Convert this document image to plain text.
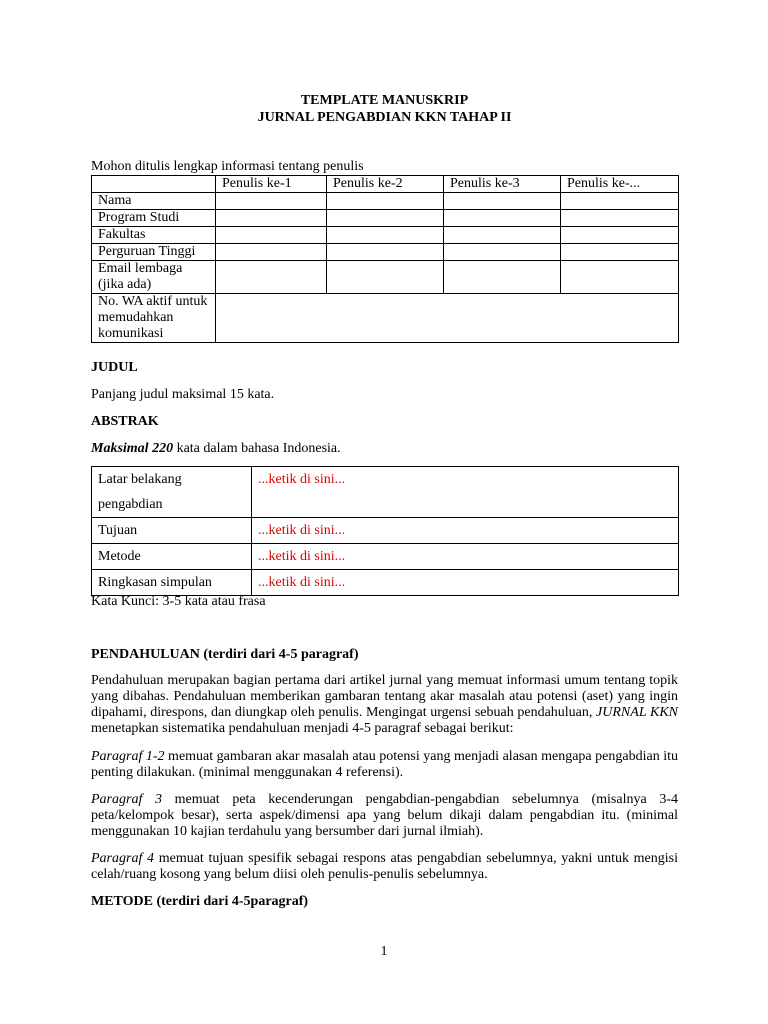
TEMPLATE MANUSKRIP
JURNAL PENGABDIAN KKN TAHAP II
Mohon ditulis lengkap informasi tentang penulis
	Penulis ke-1	Penulis ke-2	Penulis ke-3	Penulis ke-...
Nama				
Program Studi				
Fakultas				
Perguruan Tinggi				
Email lembaga
(jika ada)				
No. WA aktif untuk
memudahkan
komunikasi				
JUDUL
Panjang judul maksimal 15 kata.
ABSTRAK
Maksimal 220 kata dalam bahasa Indonesia.
Latar belakang
pengabdian	...ketik di sini...
Tujuan	...ketik di sini...
Metode	...ketik di sini...
Ringkasan simpulan	...ketik di sini...
Kata Kunci: 3-5 kata atau frasa
PENDAHULUAN (terdiri dari 4-5 paragraf)
Pendahuluan merupakan bagian pertama dari artikel jurnal yang memuat informasi umum tentang topik yang dibahas. Pendahuluan memberikan gambaran tentang akar masalah atau potensi (aset) yang ingin dipahami, direspons, dan diungkap oleh penulis. Mengingat urgensi sebuah pendahuluan, JURNAL KKN menetapkan sistematika pendahuluan menjadi 4-5 paragraf sebagai berikut:
Paragraf 1-2 memuat gambaran akar masalah atau potensi yang menjadi alasan mengapa pengabdian itu penting dilakukan. (minimal menggunakan 4 referensi).
Paragraf 3 memuat peta kecenderungan pengabdian-pengabdian sebelumnya (misalnya 3-4 peta/kelompok besar), serta aspek/dimensi apa yang belum dikaji dalam pengabdian itu. (minimal menggunakan 10 kajian terdahulu yang bersumber dari jurnal ilmiah).
Paragraf 4 memuat tujuan spesifik sebagai respons atas pengabdian sebelumnya, yakni untuk mengisi celah/ruang kosong yang belum diisi oleh penulis-penulis sebelumnya.
METODE (terdiri dari 4-5paragraf)
1
